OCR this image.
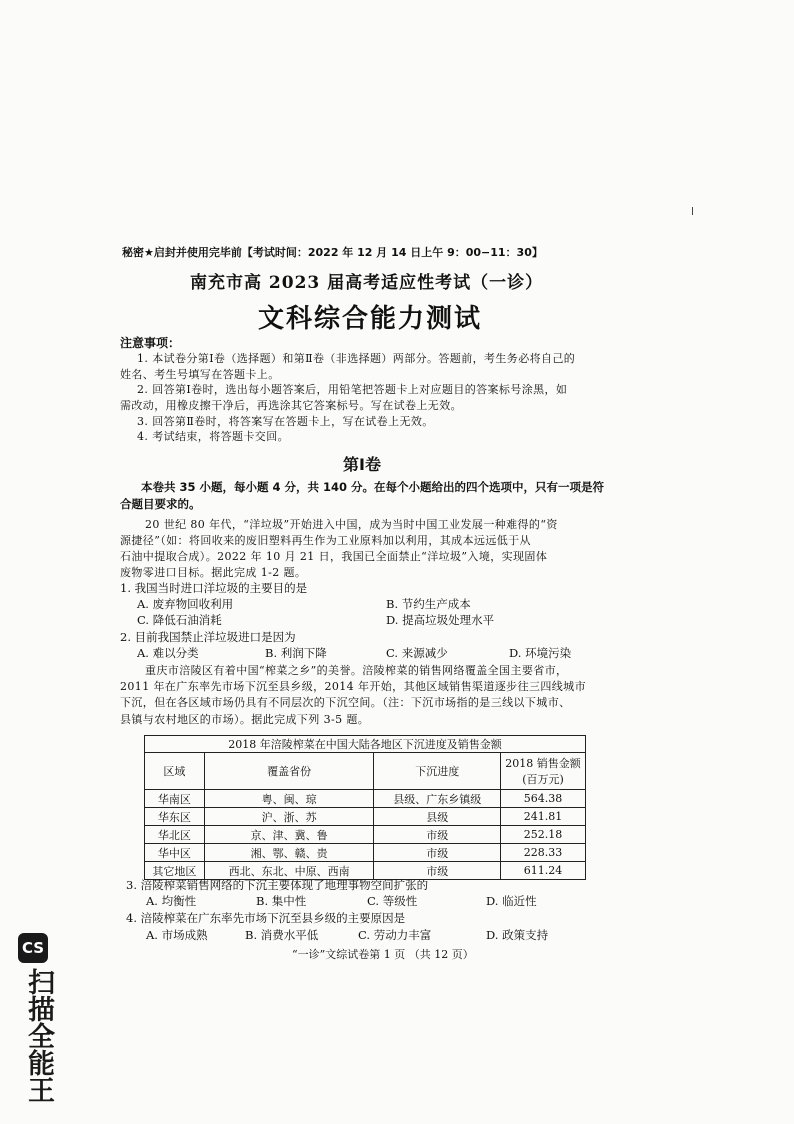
秘密★启封并使用完毕前【考试时间：2022 年 12 月 14 日上午 9：00−11：30】
南充市高 2023 届高考适应性考试（一诊）
文科综合能力测试
注意事项：
1. 本试卷分第Ⅰ卷（选择题）和第Ⅱ卷（非选择题）两部分。答题前，考生务必将自己的
姓名、考生号填写在答题卡上。
2. 回答第Ⅰ卷时，选出每小题答案后，用铅笔把答题卡上对应题目的答案标号涂黑，如
需改动，用橡皮擦干净后，再选涂其它答案标号。写在试卷上无效。
3. 回答第Ⅱ卷时，将答案写在答题卡上，写在试卷上无效。
4. 考试结束，将答题卡交回。
第Ⅰ卷
本卷共 35 小题，每小题 4 分，共 140 分。在每个小题给出的四个选项中，只有一项是符
合题目要求的。
20 世纪 80 年代，“洋垃圾”开始进入中国，成为当时中国工业发展一种难得的“资
源捷径”（如：将回收来的废旧塑料再生作为工业原料加以利用，其成本远远低于从
石油中提取合成）。2022 年 10 月 21 日，我国已全面禁止“洋垃圾”入境，实现固体
废物零进口目标。据此完成 1-2 题。
1. 我国当时进口洋垃圾的主要目的是
A. 废弃物回收利用	B. 节约生产成本
C. 降低石油消耗	D. 提高垃圾处理水平
2. 目前我国禁止洋垃圾进口是因为
A. 难以分类	B. 利润下降	C. 来源减少	D. 环境污染
重庆市涪陵区有着中国“榨菜之乡”的美誉。涪陵榨菜的销售网络覆盖全国主要省市，
2011 年在广东率先市场下沉至县乡级，2014 年开始，其他区域销售渠道逐步往三四线城市
下沉，但在各区域市场仍具有不同层次的下沉空间。（注：下沉市场指的是三线以下城市、
县镇与农村地区的市场）。据此完成下列 3-5 题。
2018 年涪陵榨菜在中国大陆各地区下沉进度及销售金额			
区域	覆盖省份	下沉进度	2018 销售金额
(百万元)
华南区	粤、闽、琼	县级、广东乡镇级	564.38
华东区	沪、浙、苏	县级	241.81
华北区	京、津、冀、鲁	市级	252.18
华中区	湘、鄂、赣、贵	市级	228.33
其它地区	西北、东北、中原、西南	市级	611.24
3. 涪陵榨菜销售网络的下沉主要体现了地理事物空间扩张的
A. 均衡性	B. 集中性	C. 等级性	D. 临近性
4. 涪陵榨菜在广东率先市场下沉至县乡级的主要原因是
A. 市场成熟	B. 消费水平低	C. 劳动力丰富	D. 政策支持
“一诊”文综试卷第 1 页 （共 12 页）
CS
扫描全能王
